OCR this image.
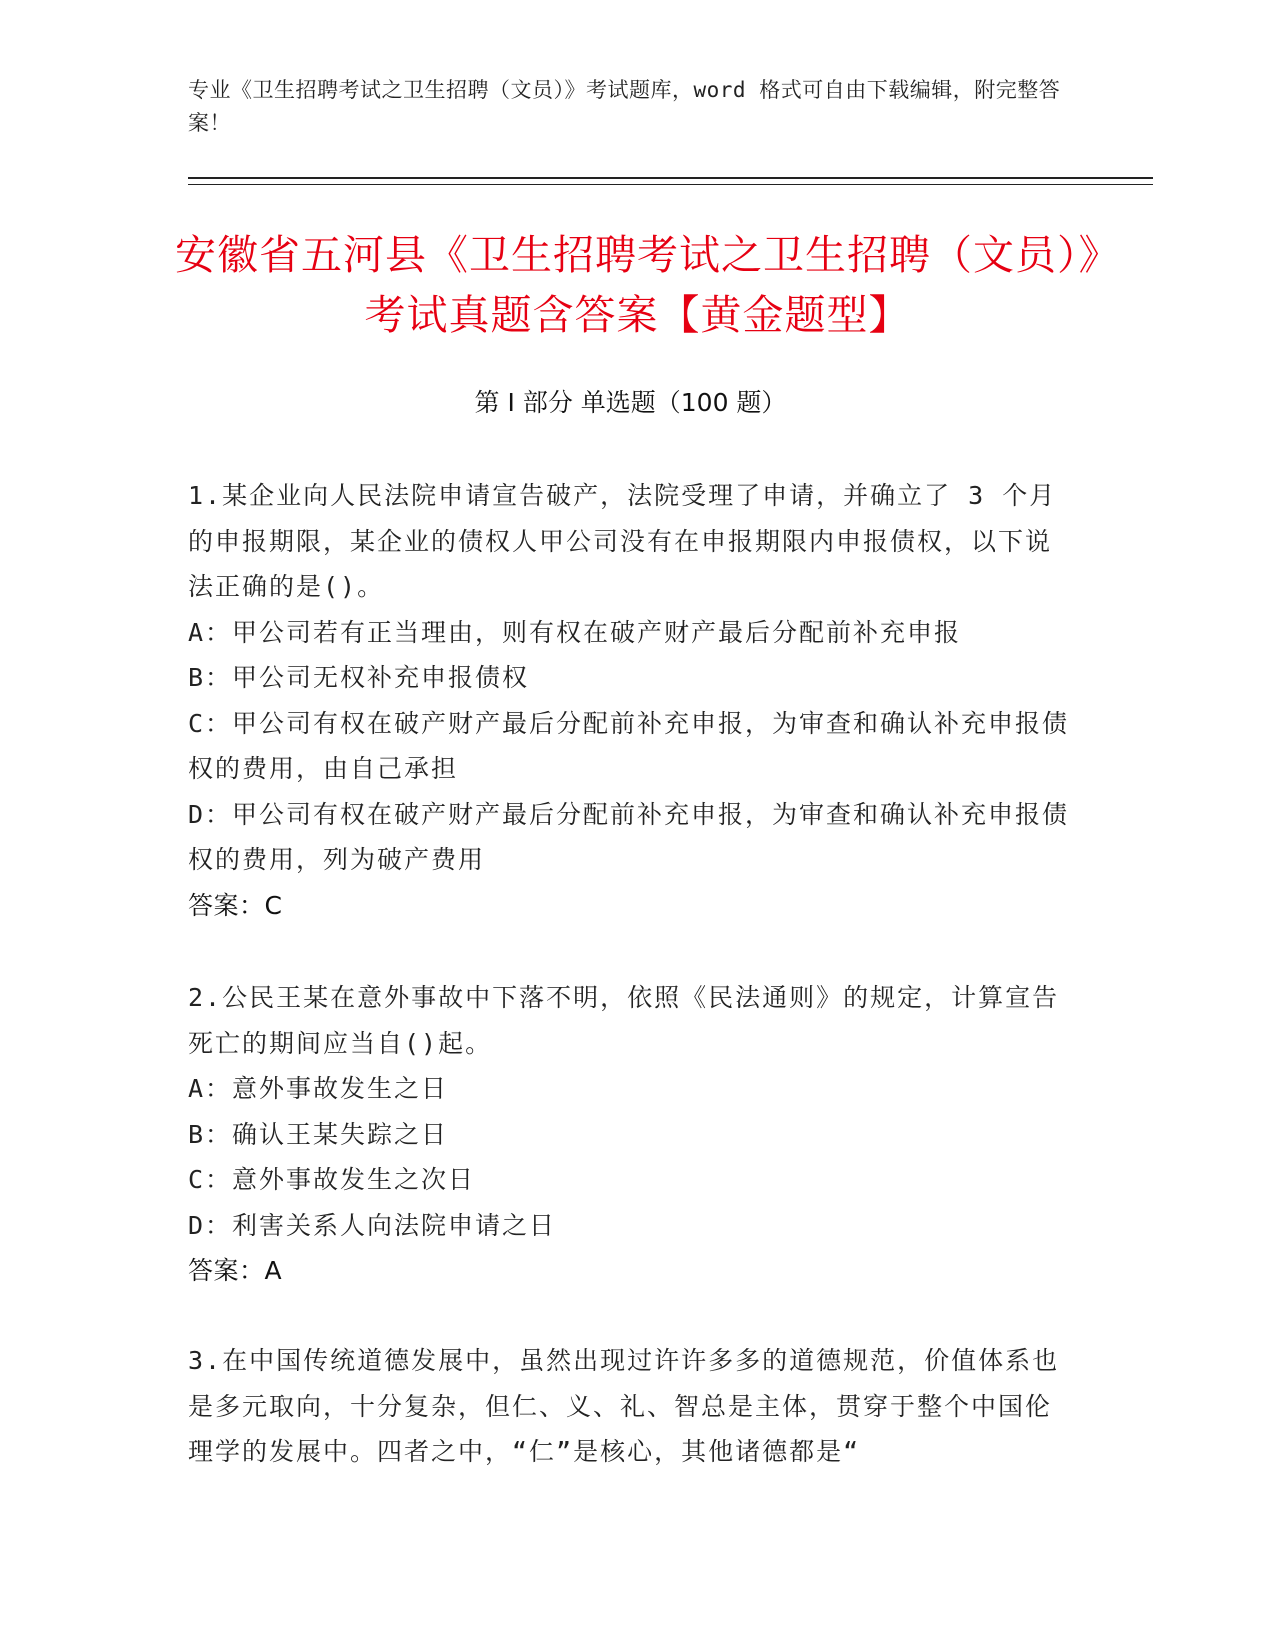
专业《卫生招聘考试之卫生招聘（文员）》考试题库，word 格式可自由下载编辑，附完整答案！
安徽省五河县《卫生招聘考试之卫生招聘（文员）》考试真题含答案【黄金题型】
第 I 部分 单选题（100 题）
1.某企业向人民法院申请宣告破产，法院受理了申请，并确立了 3 个月的申报期限，某企业的债权人甲公司没有在申报期限内申报债权，以下说法正确的是()。
A：甲公司若有正当理由，则有权在破产财产最后分配前补充申报
B：甲公司无权补充申报债权
C：甲公司有权在破产财产最后分配前补充申报，为审查和确认补充申报债权的费用，由自己承担
D：甲公司有权在破产财产最后分配前补充申报，为审查和确认补充申报债权的费用，列为破产费用
答案：C
2.公民王某在意外事故中下落不明，依照《民法通则》的规定，计算宣告死亡的期间应当自()起。
A：意外事故发生之日
B：确认王某失踪之日
C：意外事故发生之次日
D：利害关系人向法院申请之日
答案：A
3.在中国传统道德发展中，虽然出现过许许多多的道德规范，价值体系也是多元取向，十分复杂，但仁、义、礼、智总是主体，贯穿于整个中国伦理学的发展中。四者之中，“仁”是核心，其他诸德都是“
